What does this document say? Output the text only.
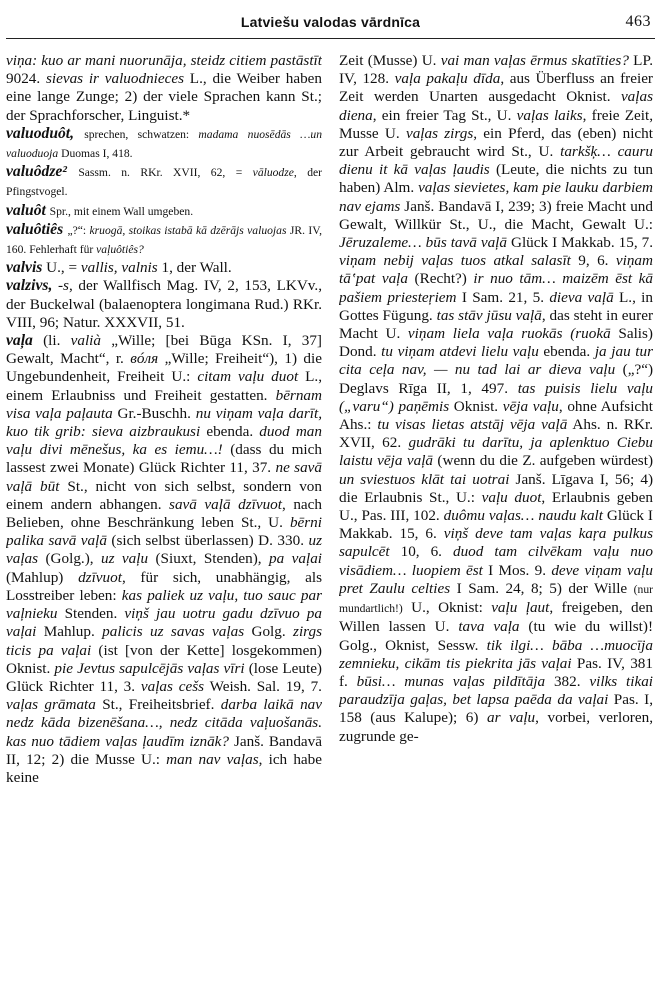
Latviešu valodas vārdnīca	463

viņa: kuo ar mani nuorunāja, steidz citiem pastāstīt 9024. sievas ir valuodnieces L., die Weiber haben eine lange Zunge; 2) der viele Sprachen kann St.; der Sprachforscher, Linguist.*

valuoduôt, sprechen, schwatzen: madama nuosēdās …un valuoduoja Duomas I, 418.

valuôdze² Sassm. n. RKr. XVII, 62, = vāluodze, der Pfingstvogel.

valuôt Spr., mit einem Wall umgeben.

valuôtiês „?“: kruogā, stoikas istabā kā dzērājs valuojas JR. IV, 160. Fehlerhaft für vaļuôtiês?

valvis U., = vallis, valnis 1, der Wall.

valzivs, -s, der Wallfisch Mag. IV, 2, 153, LKVv., der Buckelwal (balaenoptera longimana Rud.) RKr. VIII, 96; Natur. XXXVII, 51.

vaļa (li. valià „Wille; [bei Būga KSn. I, 37] Gewalt, Macht“, r. вóля „Wille; Freiheit“), 1) die Ungebundenheit, Freiheit U.: citam vaļu duot L., einem Erlaubniss und Freiheit gestatten. bērnam visa vaļa paļauta Gr.-Buschh. nu viņam vaļa darīt, kuo tik grib: sieva aizbraukusi ebenda. duod man vaļu divi mēnešus, ka es iemu…! (dass du mich lassest zwei Monate) Glück Richter 11, 37. ne savā vaļā būt St., nicht von sich selbst, sondern von einem andern abhangen. savā vaļā dzīvuot, nach Belieben, ohne Beschränkung leben St., U. bērni palika savā vaļā (sich selbst überlassen) D. 330. uz vaļas (Golg.), uz vaļu (Siuxt, Stenden), pa vaļai (Mahlup) dzīvuot, für sich, unabhängig, als Losstreiber leben: kas paliek uz vaļu, tuo sauc par vaļnieku Stenden. viņš jau uotru gadu dzīvuo pa vaļai Mahlup. palicis uz savas vaļas Golg. zirgs ticis pa vaļai (ist [von der Kette] losgekommen) Oknist. pie Jevtus sapulcējās vaļas vīri (lose Leute) Glück Richter 11, 3. vaļas cešs Weish. Sal. 19, 7. vaļas grāmata St., Freiheitsbrief. darba laikā nav nedz kāda bizenēšana…, nedz citāda vaļuošanās. kas nuo tādiem vaļas ļaudīm iznāk? Janš. Bandavā II, 12; 2) die Musse U.: man nav vaļas, ich habe keine

Zeit (Musse) U. vai man vaļas ērmus skatīties? LP. IV, 128. vaļa pakaļu dīda, aus Überfluss an freier Zeit werden Unarten ausgedacht Oknist. vaļas diena, ein freier Tag St., U. vaļas laiks, freie Zeit, Musse U. vaļas zirgs, ein Pferd, das (eben) nicht zur Arbeit gebraucht wird St., U. tarkšķ… cauru dienu it kā vaļas ļaudis (Leute, die nichts zu tun haben) Alm. vaļas sievietes, kam pie lauku darbiem nav ejams Janš. Bandavā I, 239; 3) freie Macht und Gewalt, Willkür St., U., die Macht, Gewalt U.: Jēruzaleme… būs tavā vaļā Glück I Makkab. 15, 7. viņam nebij vaļas tuos atkal salasīt 9, 6. viņam tā‛pat vaļa (Recht?) ir nuo tām… maizēm ēst kā pašiem priesteŗiem I Sam. 21, 5. dieva vaļā L., in Gottes Fügung. tas stāv jūsu vaļā, das steht in eurer Macht U. viņam liela vaļa ruokās (ruokā Salis) Dond. tu viņam atdevi lielu vaļu ebenda. ja jau tur cita ceļa nav, — nu tad lai ar dieva vaļu („?“) Deglavs Rīga II, 1, 497. tas puisis lielu vaļu („varu“) paņēmis Oknist. vēja vaļu, ohne Aufsicht Ahs.: tu visas lietas atstāj vēja vaļā Ahs. n. RKr. XVII, 62. gudrāki tu darītu, ja aplenktuo Ciebu laistu vēja vaļā (wenn du die Z. aufgeben würdest) un sviestuos klāt tai uotrai Janš. Līgava I, 56; 4) die Erlaubnis St., U.: vaļu duot, Erlaubnis geben U., Pas. III, 102. duômu vaļas… naudu kalt Glück I Makkab. 15, 6. viņš deve tam vaļas kaŗa pulkus sapulcēt 10, 6. duod tam cilvēkam vaļu nuo visādiem… luopiem ēst I Mos. 9. deve viņam vaļu pret Zaulu celties I Sam. 24, 8; 5) der Wille (nur mundartlich!) U., Oknist: vaļu ļaut, freigeben, den Willen lassen U. tava vaļa (tu wie du willst)! Golg., Oknist, Sessw. tik ilgi… bāba …muocīja zemnieku, cikām tis piekrita jās vaļai Pas. IV, 381 f. būsi… munas vaļas pildītāja 382. vilks tikai paraudzīja gaļas, bet lapsa paēda da vaļai Pas. I, 158 (aus Kalupe); 6) ar vaļu, vorbei, verloren, zugrunde ge-
